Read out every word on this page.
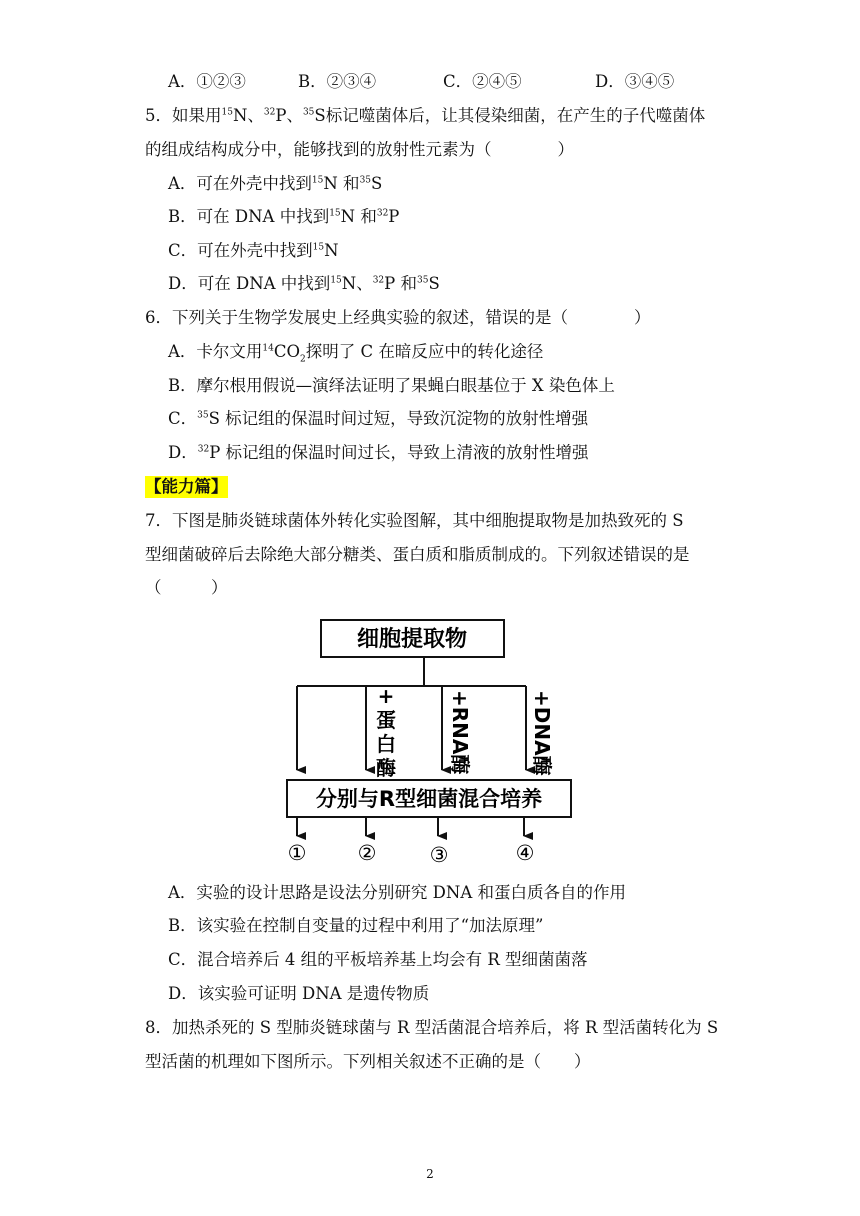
A．①②③	B．②③④	C．②④⑤	D．③④⑤
5．如果用$^{15}$N、$^{32}$P、$^{35}$S标记噬菌体后，让其侵染细菌，在产生的子代噬菌体
的组成结构成分中，能够找到的放射性元素为（　　　　）
A．可在外壳中找到$^{15}$N 和$^{35}$S
B．可在 DNA 中找到$^{15}$N 和$^{32}$P
C．可在外壳中找到$^{15}$N
D．可在 DNA 中找到$^{15}$N、$^{32}$P 和$^{35}$S
6．下列关于生物学发展史上经典实验的叙述，错误的是（　　　　）
A．卡尔文用$^{14}CO_2$探明了 C 在暗反应中的转化途径
B．摩尔根用假说—演绎法证明了果蝇白眼基位于 X 染色体上
C．$^{35}$S 标记组的保温时间过短，导致沉淀物的放射性增强
D．$^{32}$P 标记组的保温时间过长，导致上清液的放射性增强
【能力篇】
7．下图是肺炎链球菌体外转化实验图解，其中细胞提取物是加热致死的 S
型细菌破碎后去除绝大部分糖类、蛋白质和脂质制成的。下列叙述错误的是
（　　　）
细胞提取物
+
蛋
白
酶	+RNA酶	+DNA酶
分别与R型细菌混合培养
① ②	③	④
A．实验的设计思路是设法分别研究 DNA 和蛋白质各自的作用
B．该实验在控制自变量的过程中利用了“加法原理”
C．混合培养后 4 组的平板培养基上均会有 R 型细菌菌落
D．该实验可证明 DNA 是遗传物质
8．加热杀死的 S 型肺炎链球菌与 R 型活菌混合培养后，将 R 型活菌转化为 S
型活菌的机理如下图所示。下列相关叙述不正确的是（　　）
2
